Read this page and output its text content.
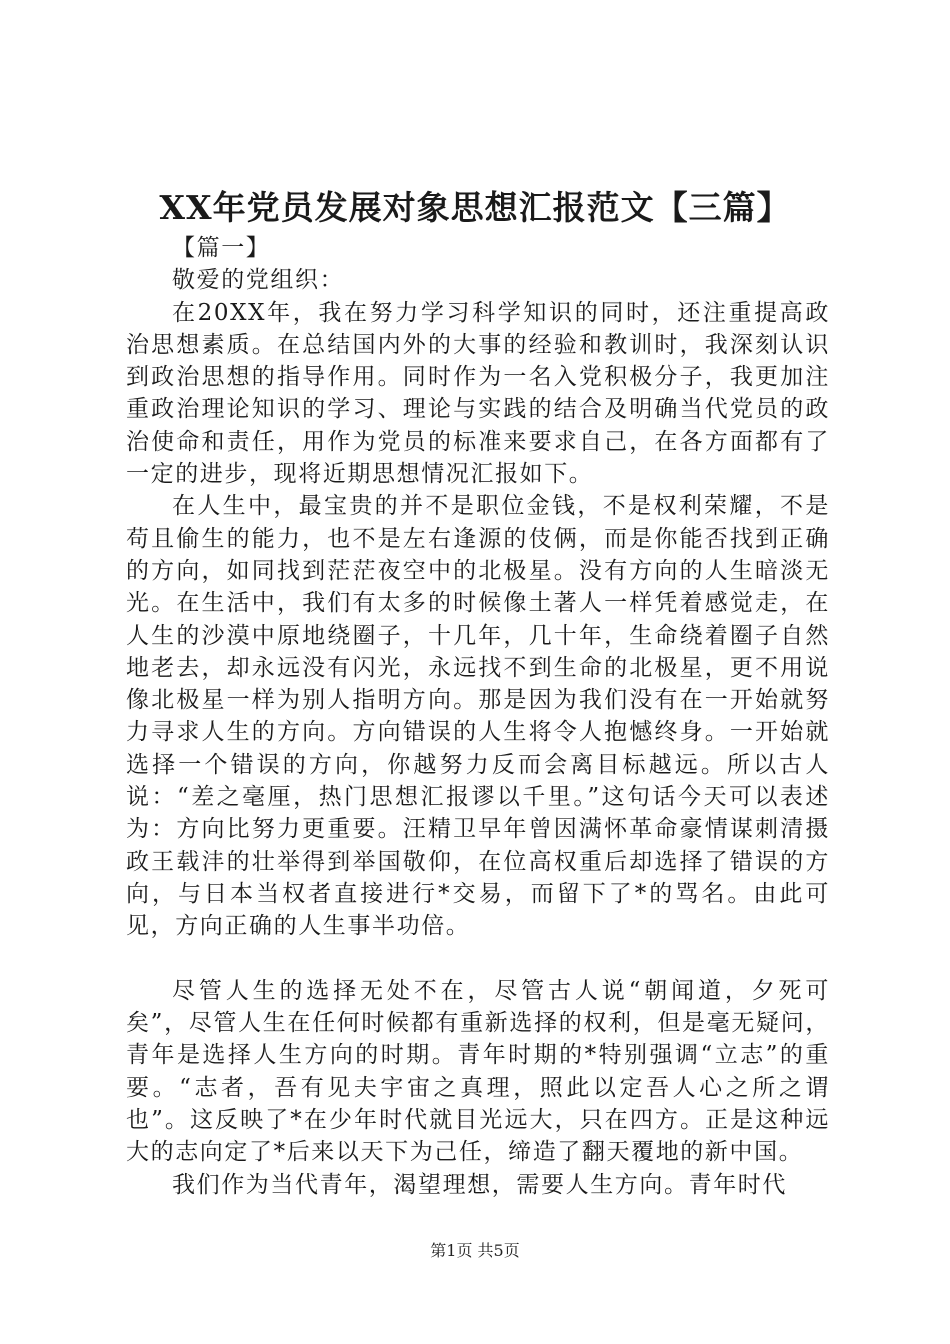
XX年党员发展对象思想汇报范文【三篇】

【篇一】

敬爱的党组织：

在20XX年，我在努力学习科学知识的同时，还注重提高政治思想素质。在总结国内外的大事的经验和教训时，我深刻认识到政治思想的指导作用。同时作为一名入党积极分子，我更加注重政治理论知识的学习、理论与实践的结合及明确当代党员的政治使命和责任，用作为党员的标准来要求自己，在各方面都有了一定的进步，现将近期思想情况汇报如下。

在人生中，最宝贵的并不是职位金钱，不是权利荣耀，不是苟且偷生的能力，也不是左右逢源的伎俩，而是你能否找到正确的方向，如同找到茫茫夜空中的北极星。没有方向的人生暗淡无光。在生活中，我们有太多的时候像土著人一样凭着感觉走，在人生的沙漠中原地绕圈子，十几年，几十年，生命绕着圈子自然地老去，却永远没有闪光，永远找不到生命的北极星，更不用说像北极星一样为别人指明方向。那是因为我们没有在一开始就努力寻求人生的方向。方向错误的人生将令人抱憾终身。一开始就选择一个错误的方向，你越努力反而会离目标越远。所以古人说：“差之毫厘，热门思想汇报谬以千里。”这句话今天可以表述为：方向比努力更重要。汪精卫早年曾因满怀革命豪情谋刺清摄政王载沣的壮举得到举国敬仰，在位高权重后却选择了错误的方向，与日本当权者直接进行*交易，而留下了*的骂名。由此可见，方向正确的人生事半功倍。

尽管人生的选择无处不在，尽管古人说“朝闻道，夕死可矣”，尽管人生在任何时候都有重新选择的权利，但是毫无疑问，青年是选择人生方向的时期。青年时期的*特别强调“立志”的重要。“志者，吾有见夫宇宙之真理，照此以定吾人心之所之谓也”。这反映了*在少年时代就目光远大，只在四方。正是这种远大的志向定了*后来以天下为己任，缔造了翻天覆地的新中国。

我们作为当代青年，渴望理想，需要人生方向。青年时代

第1页 共5页
